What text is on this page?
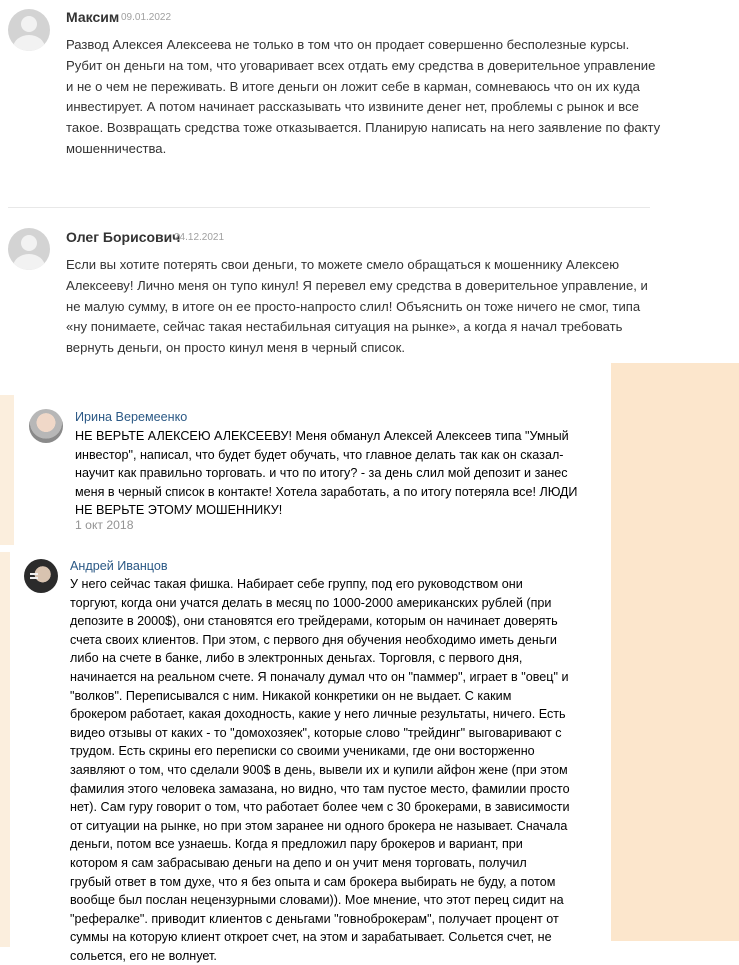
Максим 09.01.2022
Развод Алексея Алексеева не только в том что он продает совершенно бесполезные курсы.
Рубит он деньги на том, что уговаривает всех отдать ему средства в доверительное управление
и не о чем не переживать. В итоге деньги он ложит себе в карман, сомневаюсь что он их куда
инвестирует. А потом начинает рассказывать что извините денег нет, проблемы с рынок и все
такое. Возвращать средства тоже отказывается. Планирую написать на него заявление по факту
мошенничества.
Олег Борисович
24.12.2021
Если вы хотите потерять свои деньги, то можете смело обращаться к мошеннику Алексею
Алексееву! Лично меня он тупо кинул! Я перевел ему средства в доверительное управление, и
не малую сумму, в итоге он ее просто-напросто слил! Объяснить он тоже ничего не смог, типа
«ну понимаете, сейчас такая нестабильная ситуация на рынке», а когда я начал требовать
вернуть деньги, он просто кинул меня в черный список.
Ирина Веремеенко
НЕ ВЕРЬТЕ АЛЕКСЕЮ АЛЕКСЕЕВУ! Меня обманул Алексей Алексеев типа "Умный
инвестор", написал, что будет будет обучать, что главное делать так как он сказал-
научит как правильно торговать. и что по итогу? - за день слил мой депозит и занес
меня в черный список в контакте! Хотела заработать, а по итогу потеряла все! ЛЮДИ
НЕ ВЕРЬТЕ ЭТОМУ МОШЕННИКУ!
1 окт 2018
Андрей Иванцов
У него сейчас такая фишка. Набирает себе группу, под его руководством они
торгуют, когда они учатся делать в месяц по 1000-2000 американских рублей (при
депозите в 2000$), они становятся его трейдерами, которым он начинает доверять
счета своих клиентов. При этом, с первого дня обучения необходимо иметь деньги
либо на счете в банке, либо в электронных деньгах. Торговля, с первого дня,
начинается на реальном счете. Я поначалу думал что он "паммер", играет в "овец" и
"волков". Переписывался с ним. Никакой конкретики он не выдает. С каким
брокером работает, какая доходность, какие у него личные результаты, ничего. Есть
видео отзывы от каких - то "домохозяек", которые слово "трейдинг" выговаривают с
трудом. Есть скрины его переписки со своими учениками, где они восторженно
заявляют о том, что сделали 900$ в день, вывели их и купили айфон жене (при этом
фамилия этого человека замазана, но видно, что там пустое место, фамилии просто
нет). Сам гуру говорит о том, что работает более чем с 30 брокерами, в зависимости
от ситуации на рынке, но при этом заранее ни одного брокера не называет. Сначала
деньги, потом все узнаешь. Когда я предложил пару брокеров и вариант, при
котором я сам забрасываю деньги на депо и он учит меня торговать, получил
грубый ответ в том духе, что я без опыта и сам брокера выбирать не буду, а потом
вообще был послан нецензурными словами)). Мое мнение, что этот перец сидит на
"рефералке". приводит клиентов с деньгами "говноброкерам", получает процент от
суммы на которую клиент откроет счет, на этом и зарабатывает. Сольется счет, не
сольется, его не волнует.
